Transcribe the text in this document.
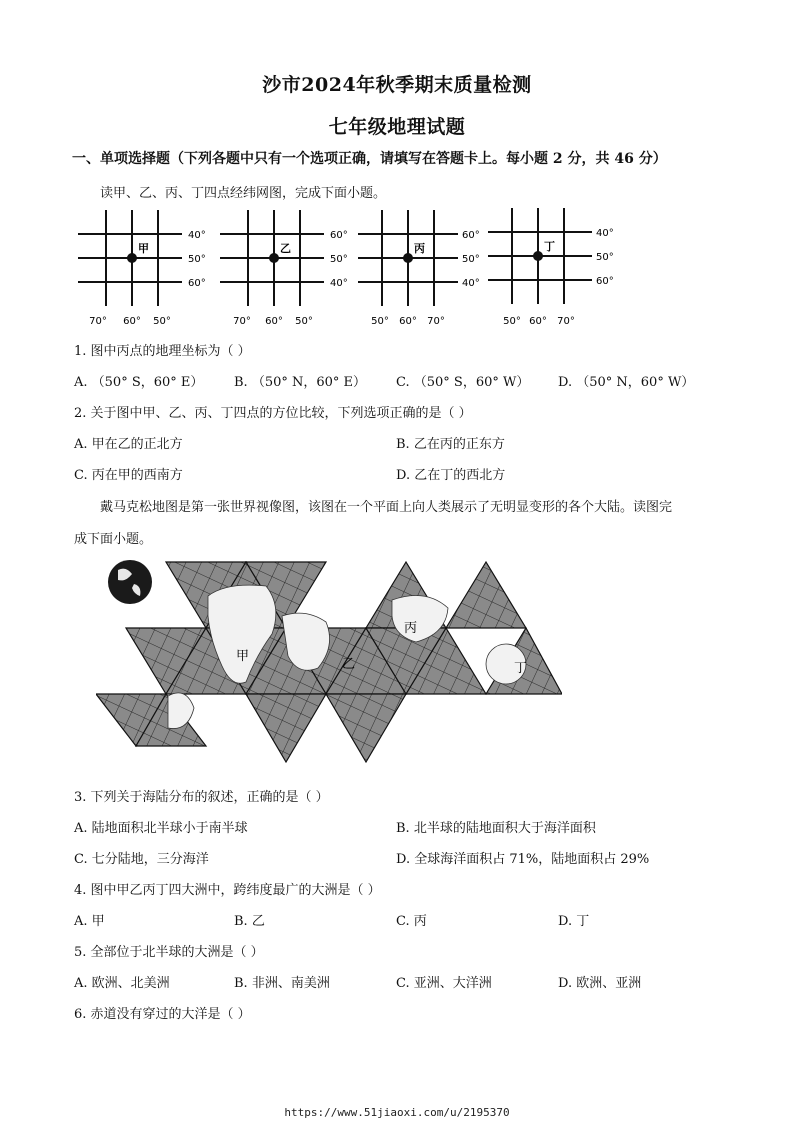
沙市2024年秋季期末质量检测
七年级地理试题
一、单项选择题（下列各题中只有一个选项正确，请填写在答题卡上。每小题 2 分，共 46 分）
读甲、乙、丙、丁四点经纬网图，完成下面小题。
甲
40°
50°
60°
70° 60° 50°
乙
60°
50°
40°
70° 60° 50°
丙
60°
50°
40°
50° 60° 70°
丁
40°
50°
60°
50° 60° 70°
1. 图中丙点的地理坐标为（ ）
A. （50° S，60° E） B. （50° N，60° E） C. （50° S，60° W） D. （50° N，60° W）
2. 关于图中甲、乙、丙、丁四点的方位比较，下列选项正确的是（ ）
A. 甲在乙的正北方	B. 乙在丙的正东方
C. 丙在甲的西南方	D. 乙在丁的西北方
戴马克松地图是第一张世界视像图，该图在一个平面上向人类展示了无明显变形的各个大陆。读图完
成下面小题。
甲
乙
丙
丁
3. 下列关于海陆分布的叙述，正确的是（ ）
A. 陆地面积北半球小于南半球	B. 北半球的陆地面积大于海洋面积
C. 七分陆地，三分海洋	D. 全球海洋面积占 71%，陆地面积占 29%
4. 图中甲乙丙丁四大洲中，跨纬度最广的大洲是（ ）
A. 甲	B. 乙	C. 丙	D. 丁
5. 全部位于北半球的大洲是（ ）
A. 欧洲、北美洲	B. 非洲、南美洲	C. 亚洲、大洋洲	D. 欧洲、亚洲
6. 赤道没有穿过的大洋是（ ）
https://www.51jiaoxi.com/u/2195370
